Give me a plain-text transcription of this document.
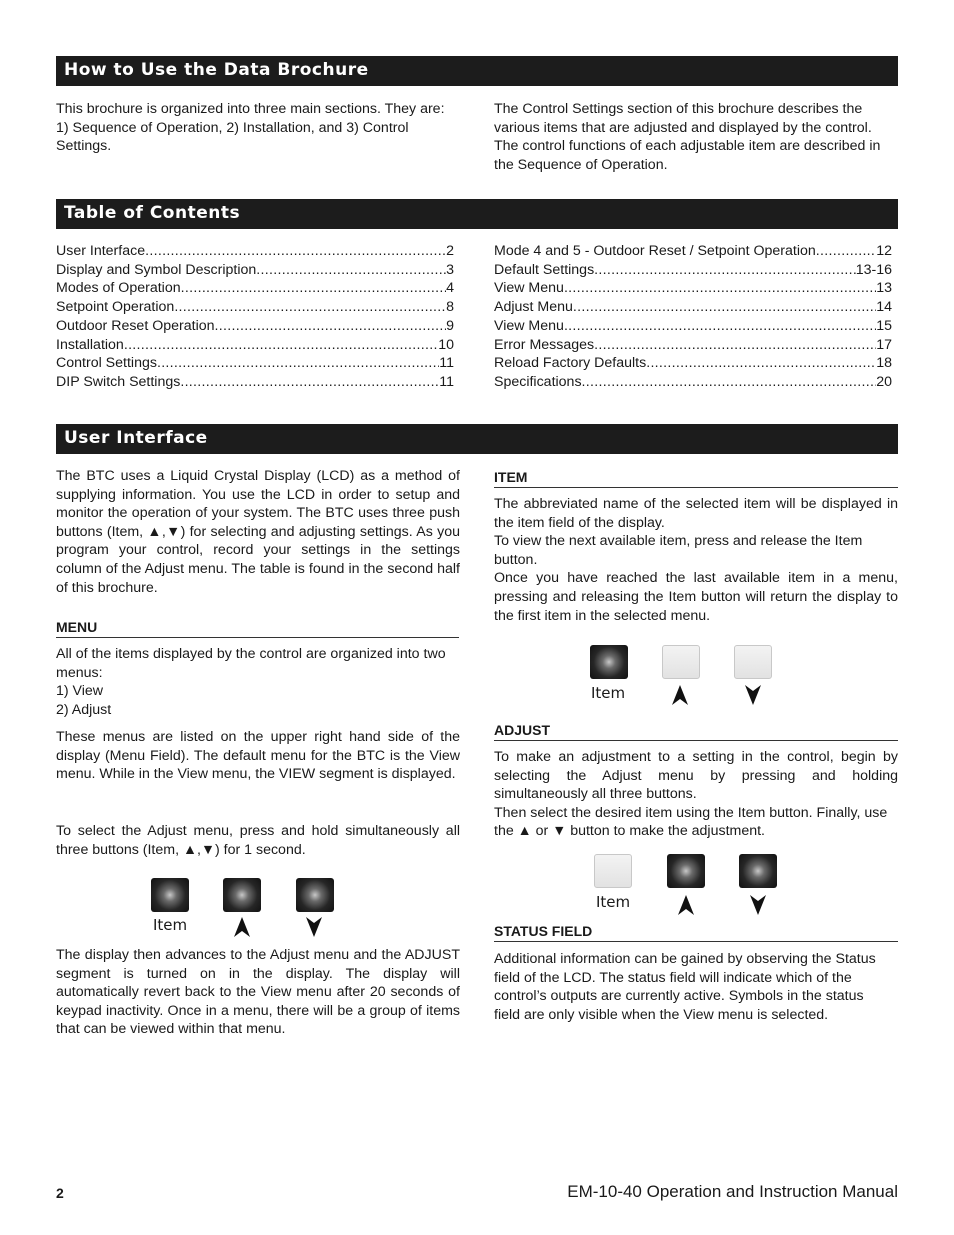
How to Use the Data Brochure
Table of Contents
User Interface

This brochure is organized into three main sections. They are: 1) Sequence of Operation, 2) Installation, and 3) Control Settings.

The Control Settings section of this brochure describes the various items that are adjusted and displayed by the control. The control functions of each adjustable item are described in the Sequence of Operation.

User Interface .....	2
Display and Symbol Description .....	3
Modes of Operation .....	4
Setpoint Operation .....	8
Outdoor Reset Operation .....	9
Installation .....	10
Control Settings .....	11
DIP Switch Settings .....	11
Mode 4 and 5 - Outdoor Reset / Setpoint Operation .....	12
Default Settings .....	13-16
View Menu .....	13
Adjust Menu .....	14
View Menu .....	15
Error Messages .....	17
Reload Factory Defaults .....	18
Specifications .....	20

The BTC uses a Liquid Crystal Display (LCD) as a method of supplying information. You use the LCD in order to setup and monitor the operation of your system. The BTC uses three push buttons (Item, ▲,▼) for selecting and adjusting settings. As you program your control, record your settings in the settings column of the Adjust menu. The table is found in the second half of this brochure.

MENU

All of the items displayed by the control are organized into two menus:

1) View

2) Adjust

These menus are listed on the upper right hand side of the display (Menu Field). The default menu for the BTC is the View menu. While in the View menu, the VIEW segment is displayed.

To select the Adjust menu, press and hold simultaneously all three buttons (Item, ▲,▼) for 1 second.

Item

The display then advances to the Adjust menu and the ADJUST segment is turned on in the display. The display will automatically revert back to the View menu after 20 seconds of keypad inactivity. Once in a menu, there will be a group of items that can be viewed within that menu.

ITEM

The abbreviated name of the selected item will be displayed in the item field of the display.

To view the next available item, press and release the Item button.

Once you have reached the last available item in a menu, pressing and releasing the Item button will return the display to the first item in the selected menu.

Item
ADJUST

To make an adjustment to a setting in the control, begin by selecting the Adjust menu by pressing and holding simultaneously all three buttons.

Then select the desired item using the Item button. Finally, use the ▲ or ▼ button to make the adjustment.

Item
STATUS FIELD

Additional information can be gained by observing the Status field of the LCD. The status field will indicate which of the control’s outputs are currently active. Symbols in the status field are only visible when the View menu is selected.

2	EM-10-40 Operation and Instruction Manual
